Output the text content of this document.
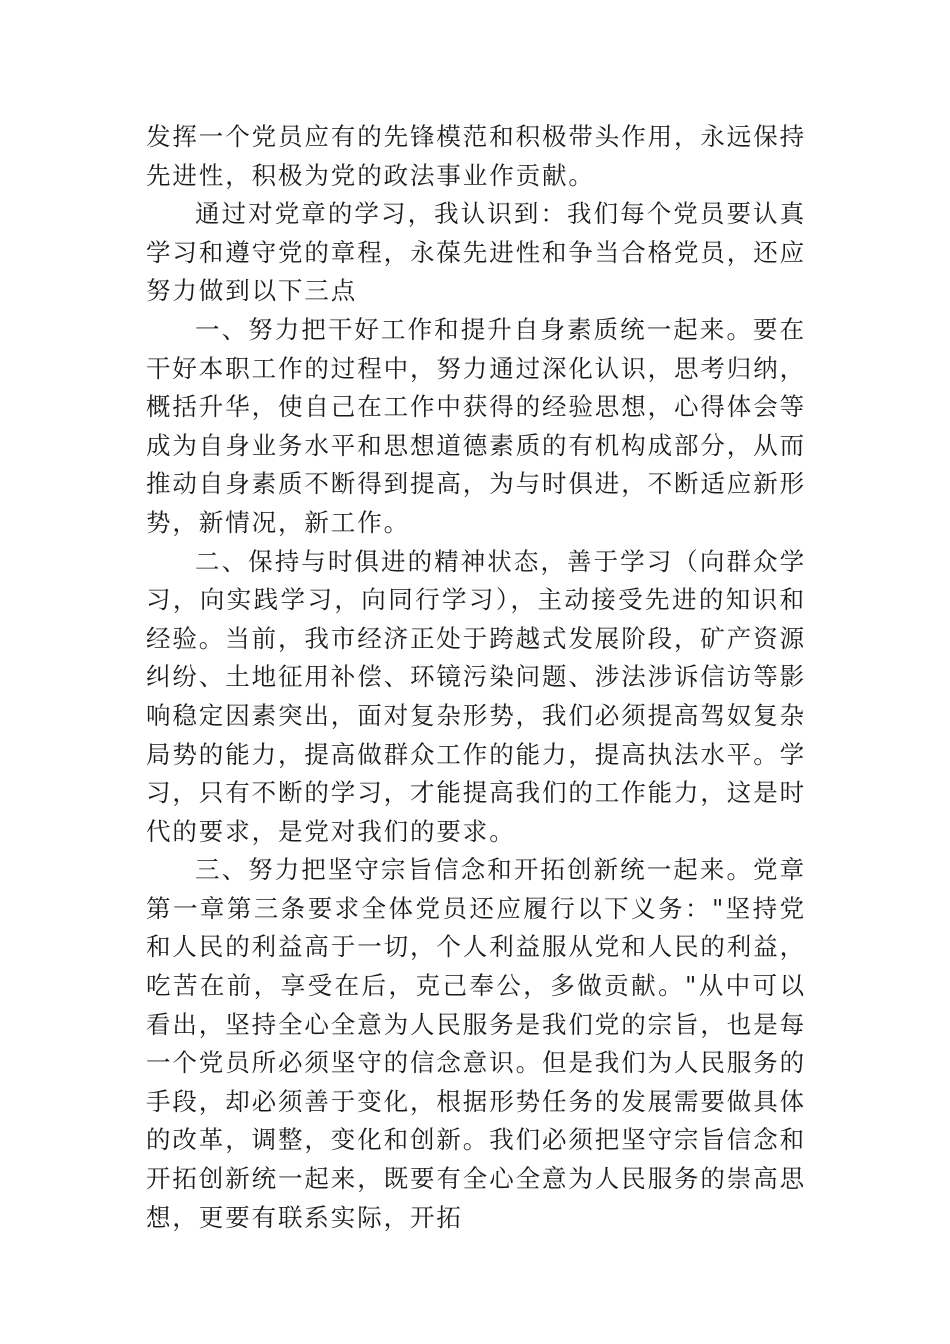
发挥一个党员应有的先锋模范和积极带头作用，永远保持先进性，积极为党的政法事业作贡献。

通过对党章的学习，我认识到：我们每个党员要认真学习和遵守党的章程，永葆先进性和争当合格党员，还应努力做到以下三点

一、努力把干好工作和提升自身素质统一起来。要在干好本职工作的过程中，努力通过深化认识，思考归纳，概括升华，使自己在工作中获得的经验思想，心得体会等成为自身业务水平和思想道德素质的有机构成部分，从而推动自身素质不断得到提高，为与时俱进，不断适应新形势，新情况，新工作。

二、保持与时俱进的精神状态，善于学习（向群众学习，向实践学习，向同行学习），主动接受先进的知识和经验。当前，我市经济正处于跨越式发展阶段，矿产资源纠纷、土地征用补偿、环镜污染问题、涉法涉诉信访等影响稳定因素突出，面对复杂形势，我们必须提高驾奴复杂局势的能力，提高做群众工作的能力，提高执法水平。学习，只有不断的学习，才能提高我们的工作能力，这是时代的要求，是党对我们的要求。

三、努力把坚守宗旨信念和开拓创新统一起来。党章第一章第三条要求全体党员还应履行以下义务："坚持党和人民的利益高于一切，个人利益服从党和人民的利益，吃苦在前，享受在后，克己奉公，多做贡献。"从中可以看出，坚持全心全意为人民服务是我们党的宗旨，也是每一个党员所必须坚守的信念意识。但是我们为人民服务的手段，却必须善于变化，根据形势任务的发展需要做具体的改革，调整，变化和创新。我们必须把坚守宗旨信念和开拓创新统一起来，既要有全心全意为人民服务的崇高思想，更要有联系实际，开拓
